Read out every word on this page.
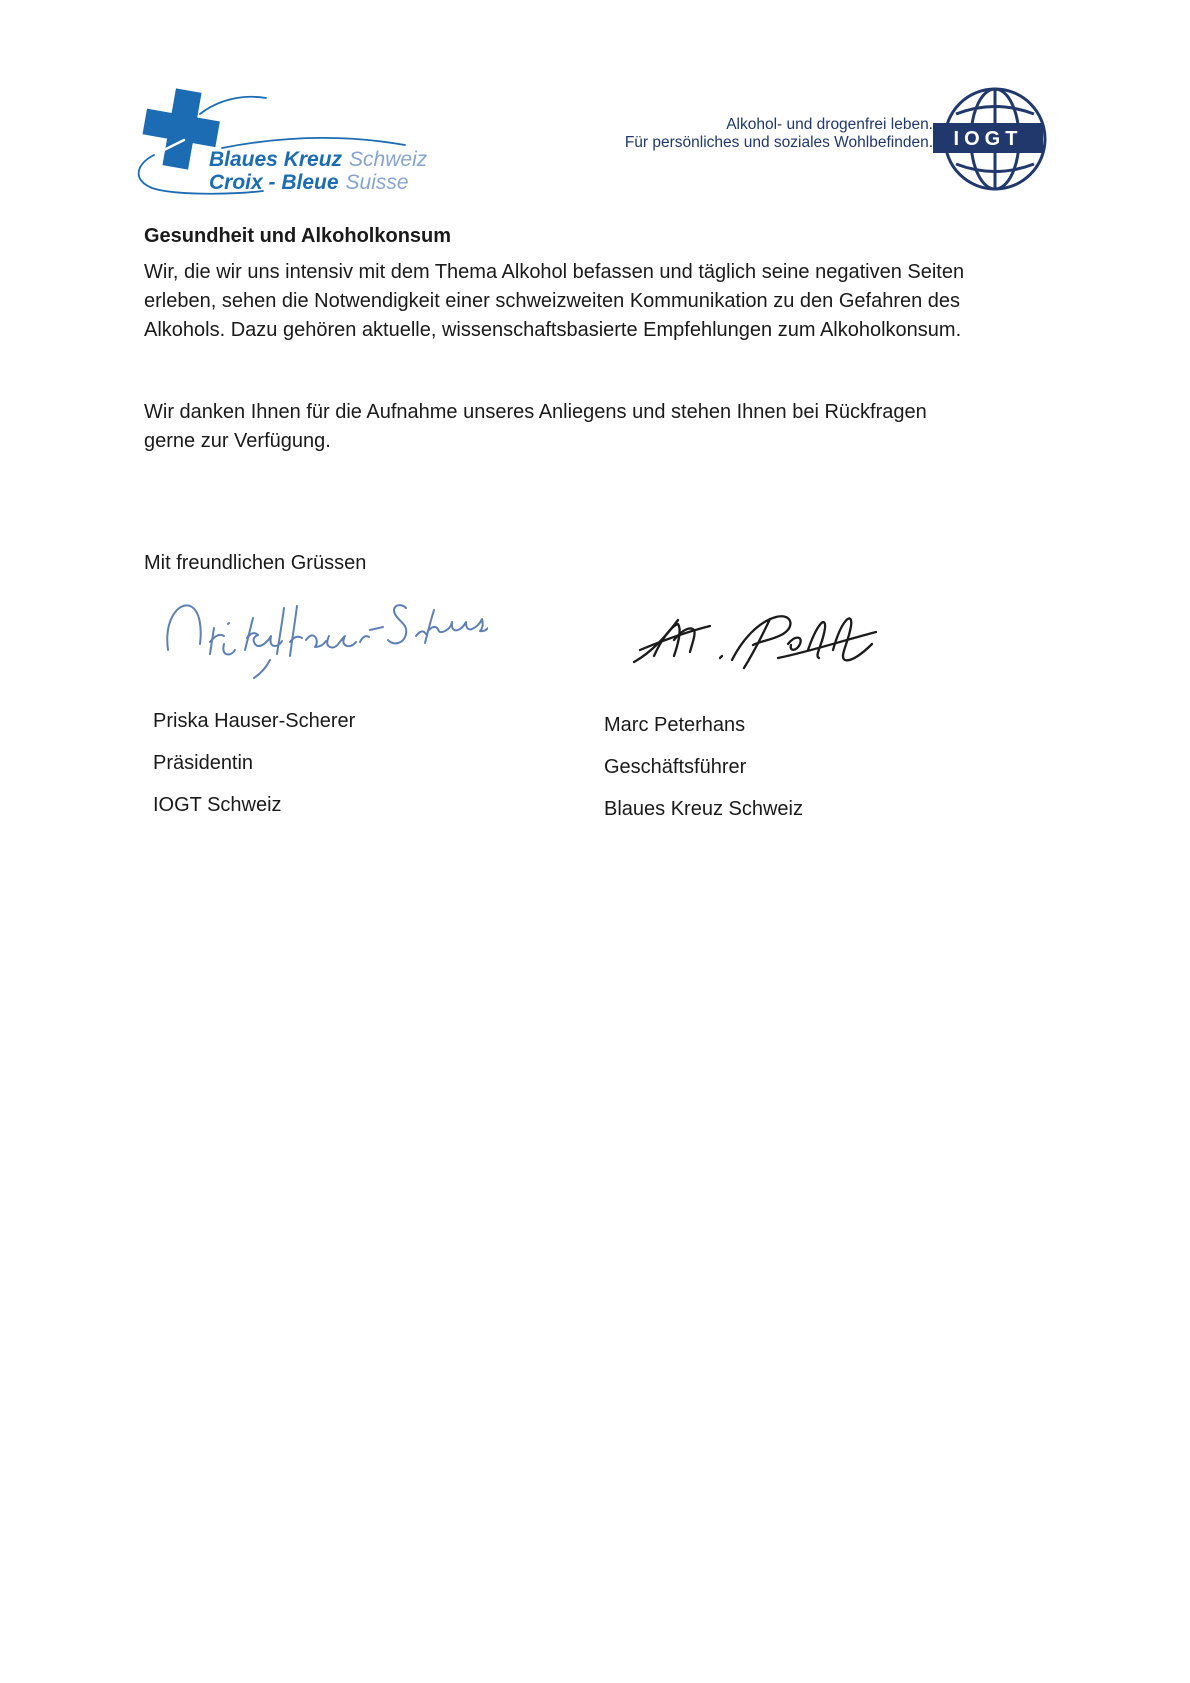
Blaues Kreuz Schweiz
Croix - Bleue Suisse
Alkohol- und drogenfrei leben.
Für persönliches und soziales Wohlbefinden. IOGT
Gesundheit und Alkoholkonsum
Wir, die wir uns intensiv mit dem Thema Alkohol befassen und täglich seine negativen Seiten
erleben, sehen die Notwendigkeit einer schweizweiten Kommunikation zu den Gefahren des
Alkohols. Dazu gehören aktuelle, wissenschaftsbasierte Empfehlungen zum Alkoholkonsum.
Wir danken Ihnen für die Aufnahme unseres Anliegens und stehen Ihnen bei Rückfragen
gerne zur Verfügung.
Mit freundlichen Grüssen
Priska Hauser-Scherer
Präsidentin
IOGT Schweiz
Marc Peterhans
Geschäftsführer
Blaues Kreuz Schweiz
